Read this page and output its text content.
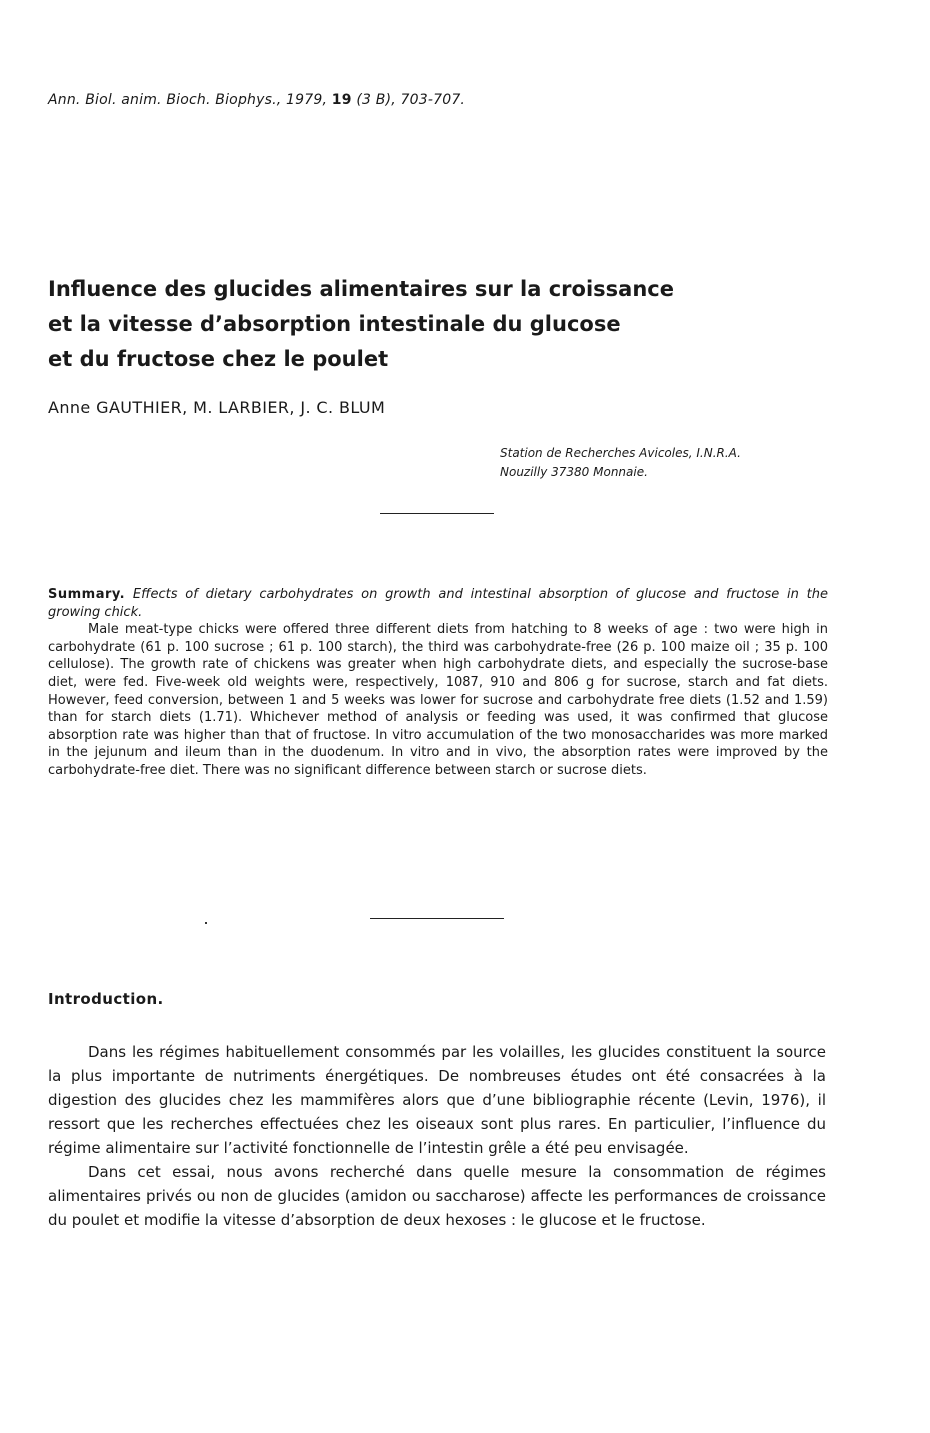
Ann. Biol. anim. Bioch. Biophys., 1979, 19 (3 B), 703-707.
Influence des glucides alimentaires sur la croissance
et la vitesse d’absorption intestinale du glucose
et du fructose chez le poulet
Anne GAUTHIER, M. LARBIER, J. C. BLUM
Station de Recherches Avicoles, I.N.R.A.
Nouzilly 37380 Monnaie.

Summary. Effects of dietary carbohydrates on growth and intestinal absorption of glucose and fructose in the growing chick.

Male meat-type chicks were offered three different diets from hatching to 8 weeks of age : two were high in carbohydrate (61 p. 100 sucrose ; 61 p. 100 starch), the third was carbohydrate-free (26 p. 100 maize oil ; 35 p. 100 cellulose). The growth rate of chickens was greater when high carbohydrate diets, and especially the sucrose-base diet, were fed. Five-week old weights were, respectively, 1087, 910 and 806 g for sucrose, starch and fat diets. However, feed conversion, between 1 and 5 weeks was lower for sucrose and carbohydrate free diets (1.52 and 1.59) than for starch diets (1.71). Whichever method of analysis or feeding was used, it was confirmed that glucose absorption rate was higher than that of fructose. In vitro accumulation of the two monosaccharides was more marked in the jejunum and ileum than in the duodenum. In vitro and in vivo, the absorption rates were improved by the carbohydrate-free diet. There was no significant difference between starch or sucrose diets.

Introduction.

Dans les régimes habituellement consommés par les volailles, les glucides constituent la source la plus importante de nutriments énergétiques. De nombreuses études ont été consacrées à la digestion des glucides chez les mammifères alors que d’une bibliographie récente (Levin, 1976), il ressort que les recherches effectuées chez les oiseaux sont plus rares. En particulier, l’influence du régime alimentaire sur l’activité fonctionnelle de l’intestin grêle a été peu envisagée.

Dans cet essai, nous avons recherché dans quelle mesure la consommation de régimes alimentaires privés ou non de glucides (amidon ou saccharose) affecte les performances de croissance du poulet et modifie la vitesse d’absorption de deux hexoses : le glucose et le fructose.
